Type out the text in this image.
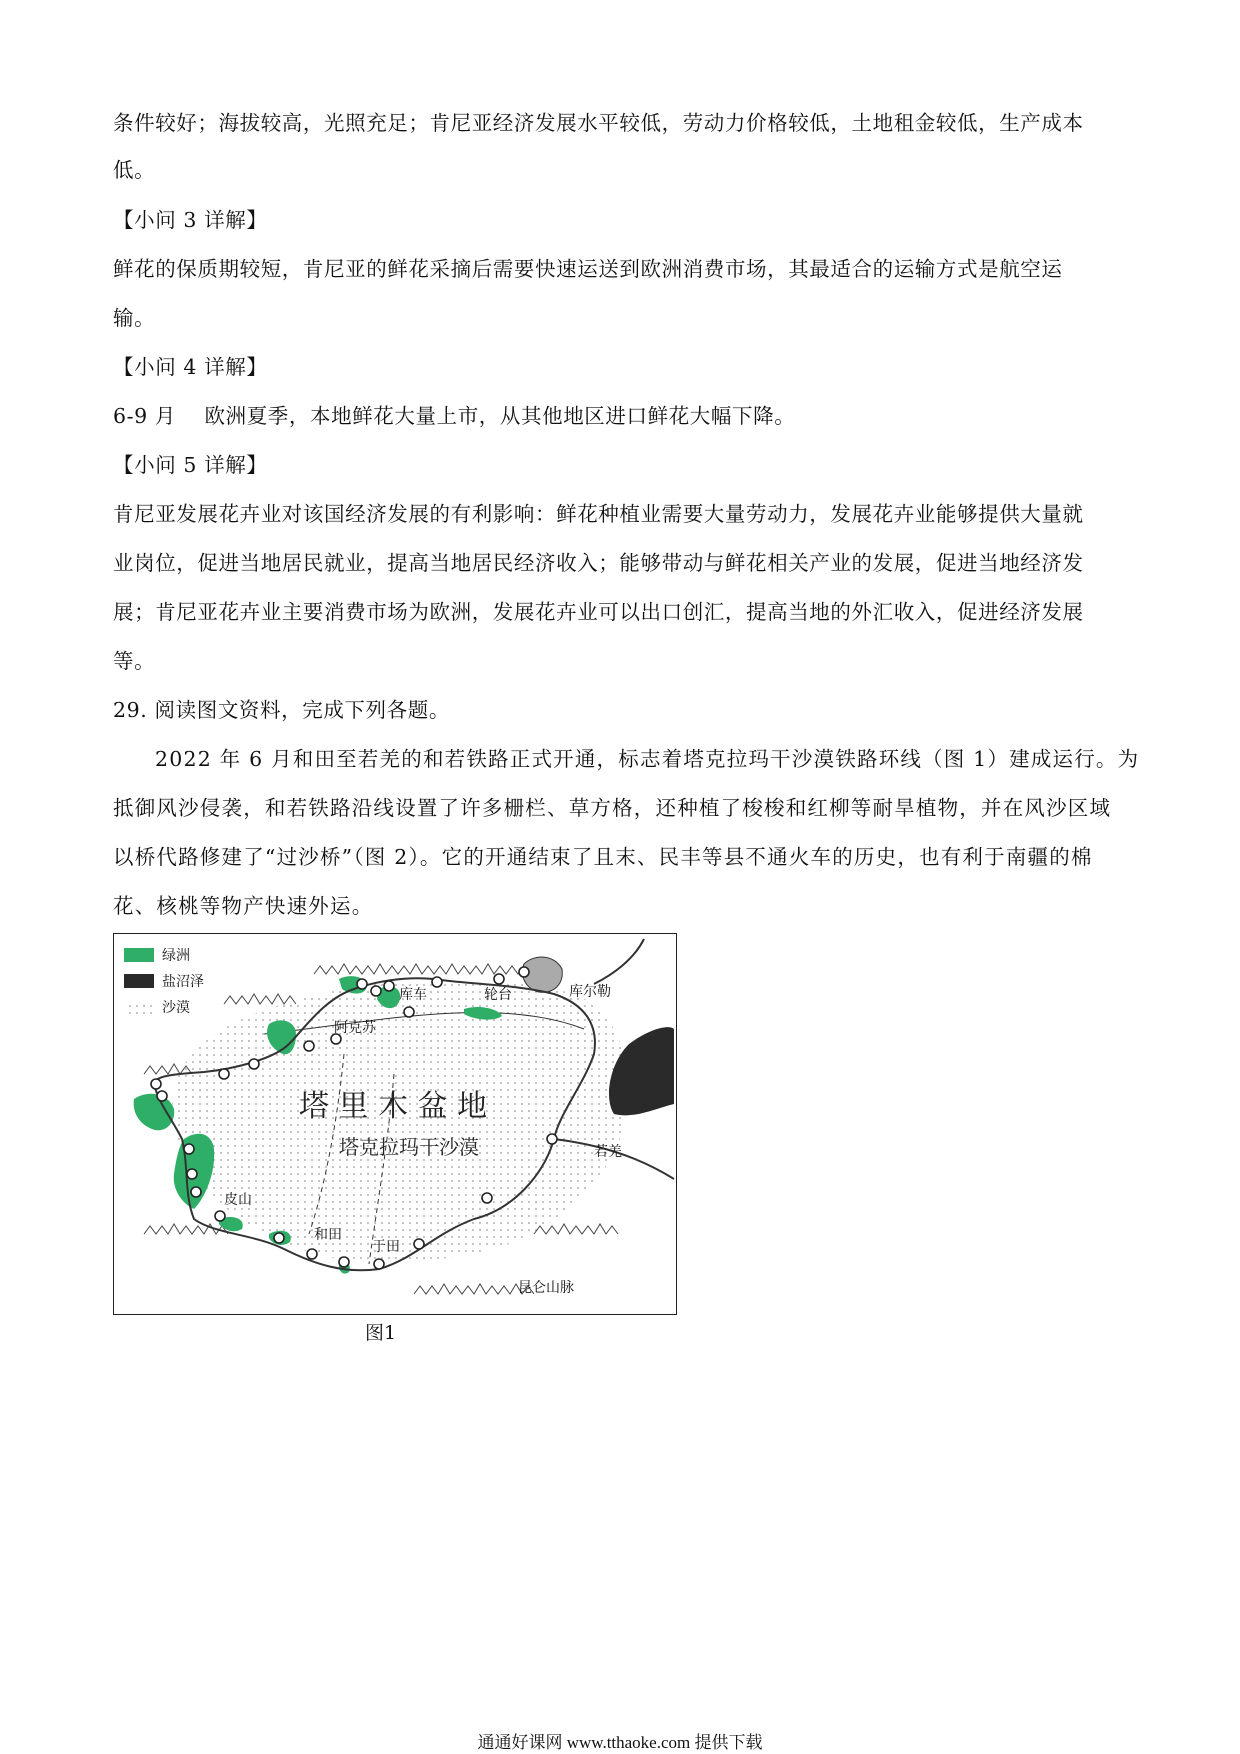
条件较好；海拔较高，光照充足；肯尼亚经济发展水平较低，劳动力价格较低，土地租金较低，生产成本
低。
【小问 3 详解】
鲜花的保质期较短，肯尼亚的鲜花采摘后需要快速运送到欧洲消费市场，其最适合的运输方式是航空运
输。
【小问 4 详解】
6-9 月    欧洲夏季，本地鲜花大量上市，从其他地区进口鲜花大幅下降。
【小问 5 详解】
肯尼亚发展花卉业对该国经济发展的有利影响：鲜花种植业需要大量劳动力，发展花卉业能够提供大量就
业岗位，促进当地居民就业，提高当地居民经济收入；能够带动与鲜花相关产业的发展，促进当地经济发
展；肯尼亚花卉业主要消费市场为欧洲，发展花卉业可以出口创汇，提高当地的外汇收入，促进经济发展
等。
29. 阅读图文资料，完成下列各题。
2022 年 6 月和田至若羌的和若铁路正式开通，标志着塔克拉玛干沙漠铁路环线（图 1）建成运行。为
抵御风沙侵袭，和若铁路沿线设置了许多栅栏、草方格，还种植了梭梭和红柳等耐旱植物，并在风沙区域
以桥代路修建了“过沙桥”（图 2）。它的开通结束了且末、民丰等县不通火车的历史，也有利于南疆的棉
花、核桃等物产快速外运。
绿洲
盐沼泽
沙漠
库车	轮台	库尔勒
阿克苏
塔 里 木 盆 地
塔克拉玛干沙漠	若羌
皮山
和田
于田
昆仑山脉
图1
通通好课网 www.tthaoke.com 提供下载
